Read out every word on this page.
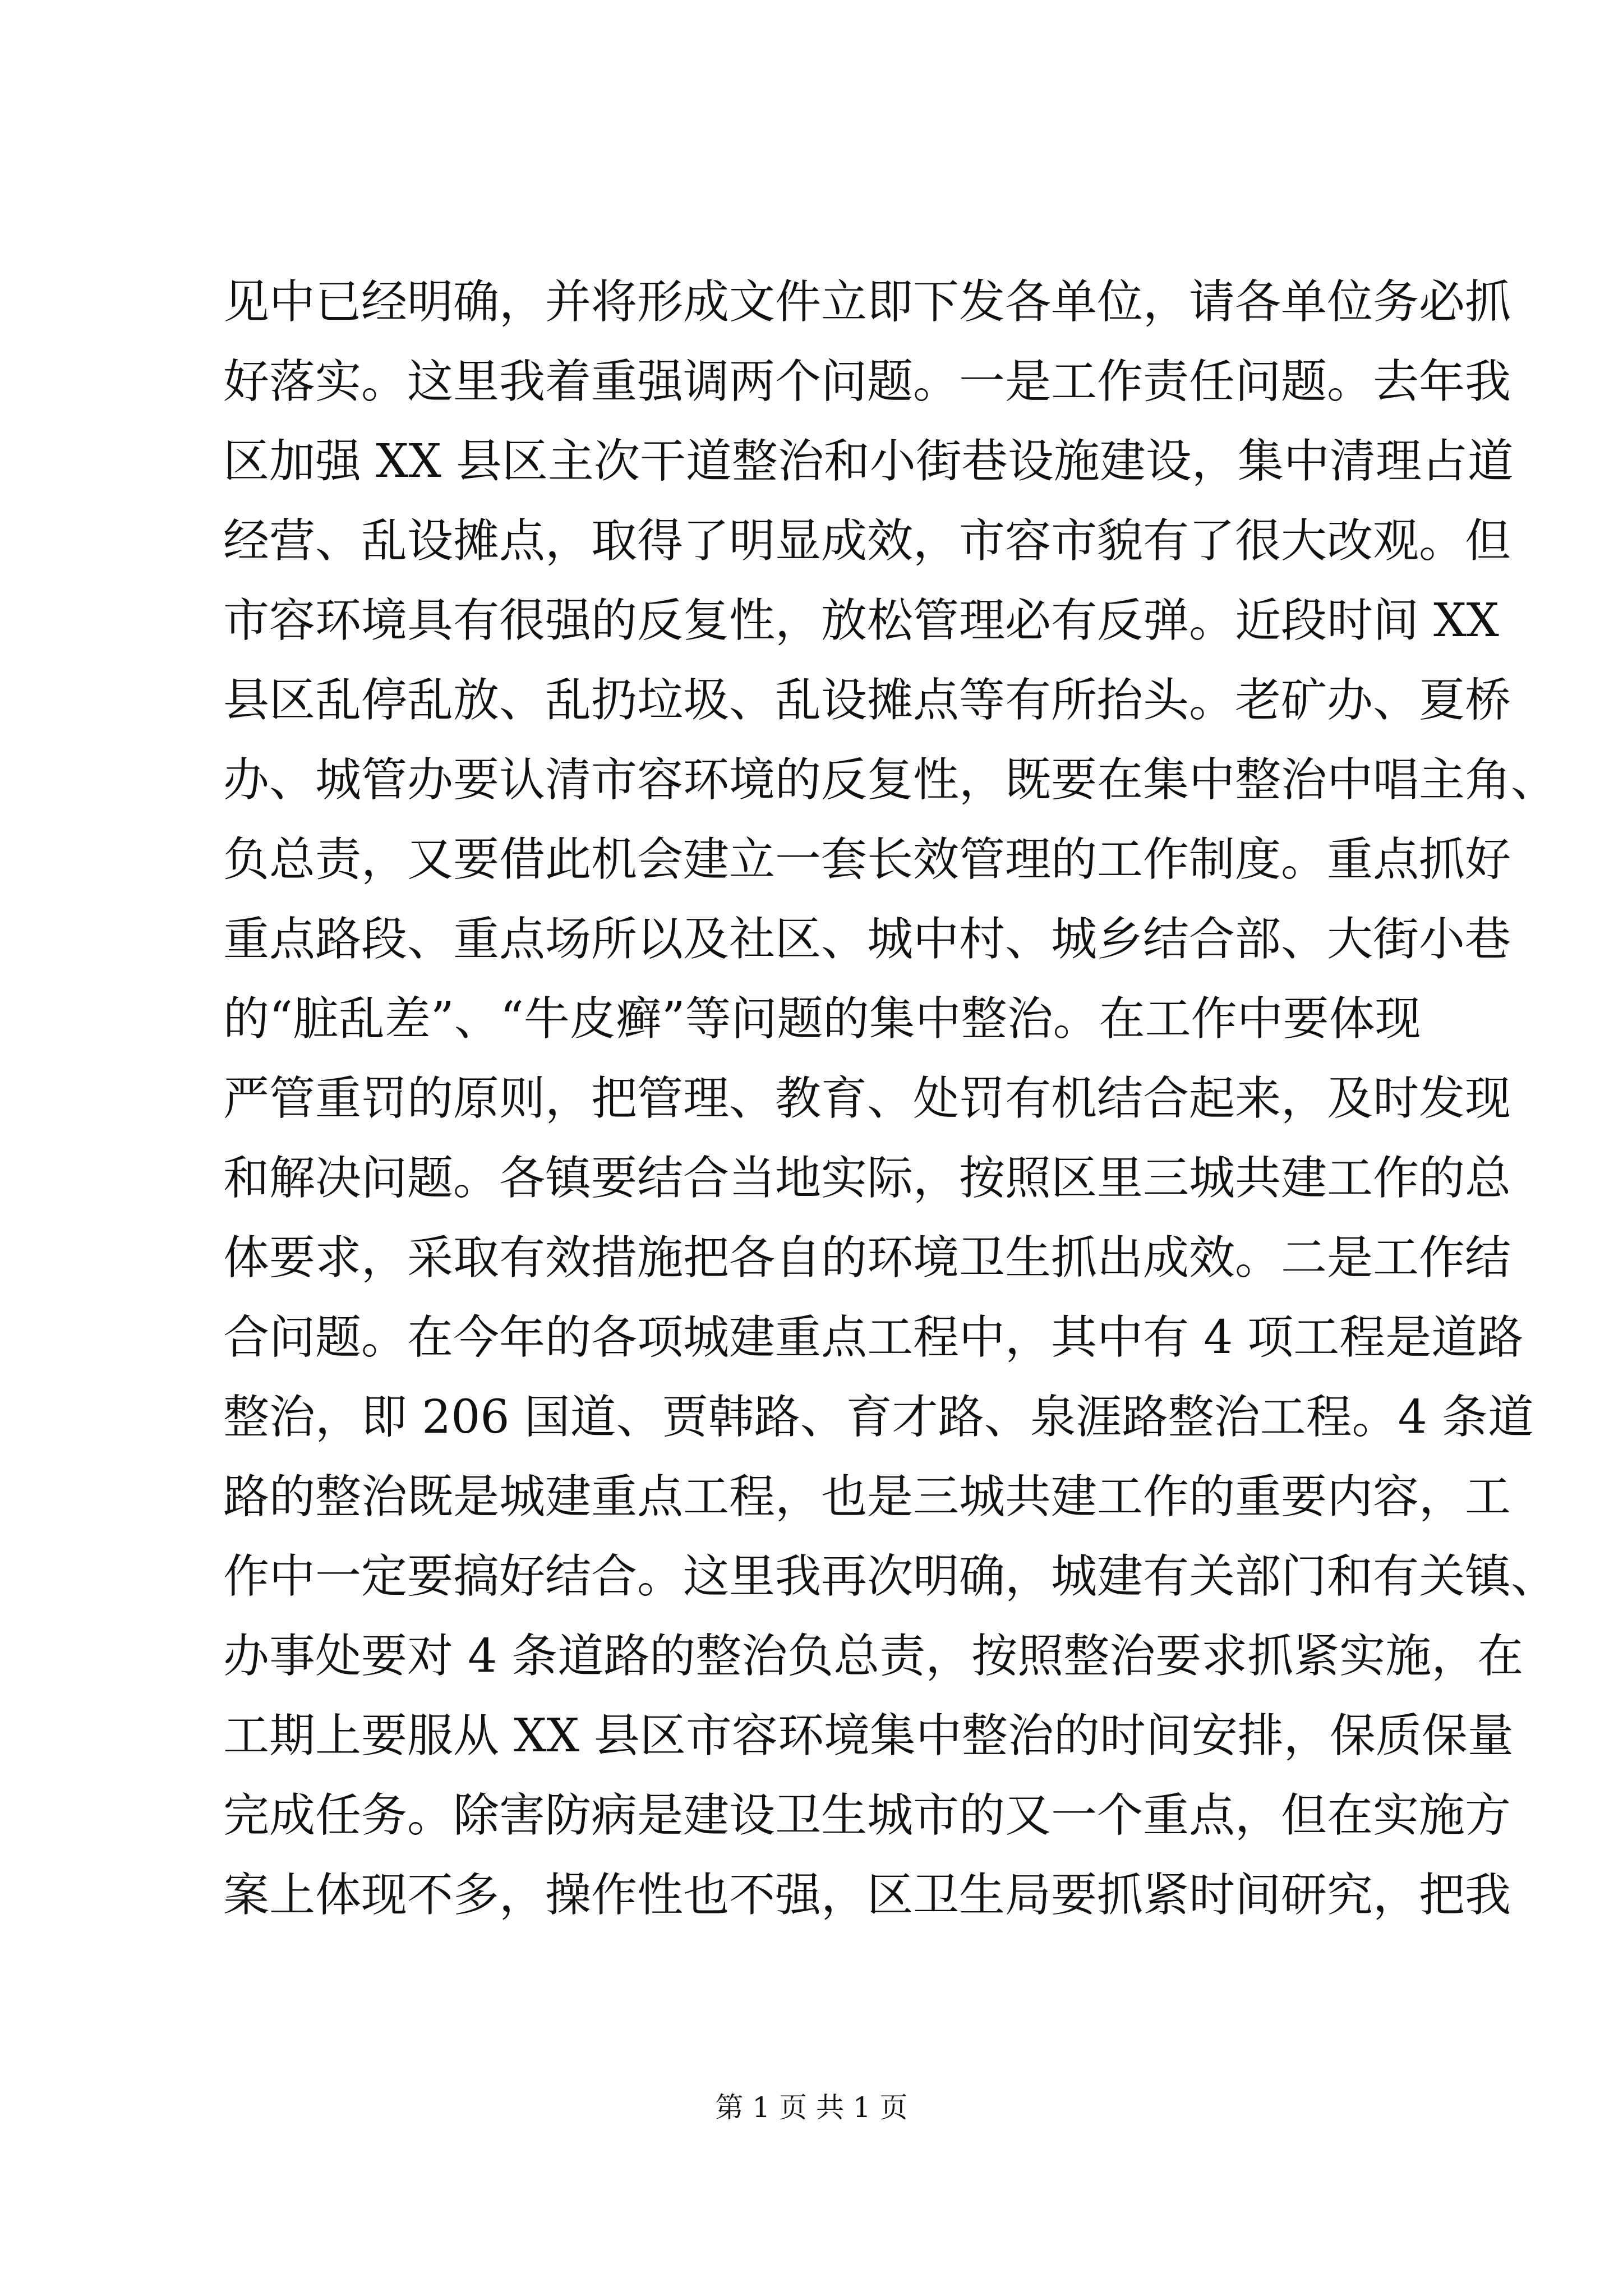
见中已经明确，并将形成文件立即下发各单位，请各单位务必抓
好落实。这里我着重强调两个问题。一是工作责任问题。去年我
区加强 XX 县区主次干道整治和小街巷设施建设，集中清理占道
经营、乱设摊点，取得了明显成效，市容市貌有了很大改观。但
市容环境具有很强的反复性，放松管理必有反弹。近段时间 XX
县区乱停乱放、乱扔垃圾、乱设摊点等有所抬头。老矿办、夏桥
办、城管办要认清市容环境的反复性，既要在集中整治中唱主角、
负总责，又要借此机会建立一套长效管理的工作制度。重点抓好
重点路段、重点场所以及社区、城中村、城乡结合部、大街小巷
的“脏乱差”、“牛皮癣”等问题的集中整治。在工作中要体现
严管重罚的原则，把管理、教育、处罚有机结合起来，及时发现
和解决问题。各镇要结合当地实际，按照区里三城共建工作的总
体要求，采取有效措施把各自的环境卫生抓出成效。二是工作结
合问题。在今年的各项城建重点工程中，其中有 4 项工程是道路
整治，即 206 国道、贾韩路、育才路、泉涯路整治工程。4 条道
路的整治既是城建重点工程，也是三城共建工作的重要内容，工
作中一定要搞好结合。这里我再次明确，城建有关部门和有关镇、
办事处要对 4 条道路的整治负总责，按照整治要求抓紧实施，在
工期上要服从 XX 县区市容环境集中整治的时间安排，保质保量
完成任务。除害防病是建设卫生城市的又一个重点，但在实施方
案上体现不多，操作性也不强，区卫生局要抓紧时间研究，把我
第 1 页 共 1 页
